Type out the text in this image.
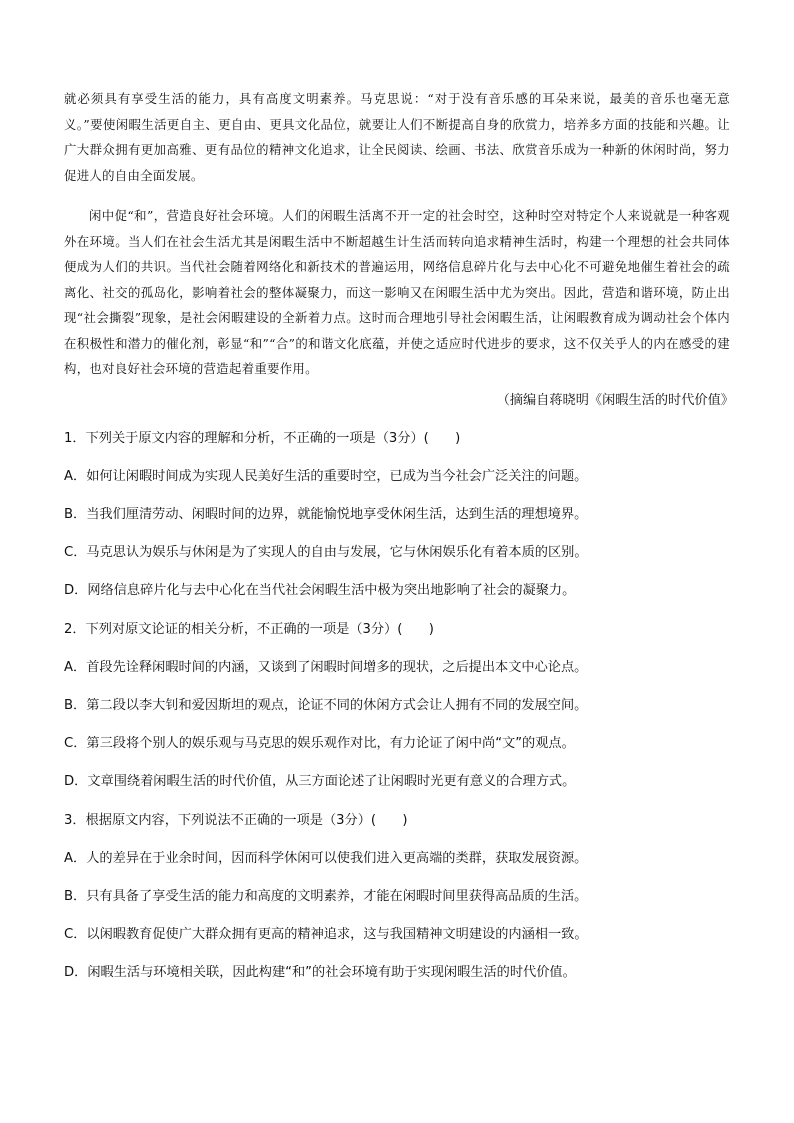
就必须具有享受生活的能力，具有高度文明素养。马克思说：“对于没有音乐感的耳朵来说，最美的音乐也毫无意义。”要使闲暇生活更自主、更自由、更具文化品位，就要让人们不断提高自身的欣赏力，培养多方面的技能和兴趣。让广大群众拥有更加高雅、更有品位的精神文化追求，让全民阅读、绘画、书法、欣赏音乐成为一种新的休闲时尚，努力促进人的自由全面发展。

闲中促“和”，营造良好社会环境。人们的闲暇生活离不开一定的社会时空，这种时空对特定个人来说就是一种客观外在环境。当人们在社会生活尤其是闲暇生活中不断超越生计生活而转向追求精神生活时，构建一个理想的社会共同体便成为人们的共识。当代社会随着网络化和新技术的普遍运用，网络信息碎片化与去中心化不可避免地催生着社会的疏离化、社交的孤岛化，影响着社会的整体凝聚力，而这一影响又在闲暇生活中尤为突出。因此，营造和谐环境，防止出现“社会撕裂”现象，是社会闲暇建设的全新着力点。这时而合理地引导社会闲暇生活，让闲暇教育成为调动社会个体内在积极性和潜力的催化剂，彰显“和”“合”的和谐文化底蕴，并使之适应时代进步的要求，这不仅关乎人的内在感受的建构，也对良好社会环境的营造起着重要作用。

（摘编自蒋晓明《闲暇生活的时代价值》
1．下列关于原文内容的理解和分析，不正确的一项是（3分）(　　)
A．如何让闲暇时间成为实现人民美好生活的重要时空，已成为当今社会广泛关注的问题。
B．当我们厘清劳动、闲暇时间的边界，就能愉悦地享受休闲生活，达到生活的理想境界。
C．马克思认为娱乐与休闲是为了实现人的自由与发展，它与休闲娱乐化有着本质的区别。
D．网络信息碎片化与去中心化在当代社会闲暇生活中极为突出地影响了社会的凝聚力。
2．下列对原文论证的相关分析，不正确的一项是（3分）(　　)
A．首段先诠释闲暇时间的内涵，又谈到了闲暇时间增多的现状，之后提出本文中心论点。
B．第二段以李大钊和爱因斯坦的观点，论证不同的休闲方式会让人拥有不同的发展空间。
C．第三段将个别人的娱乐观与马克思的娱乐观作对比，有力论证了闲中尚“文”的观点。
D．文章围绕着闲暇生活的时代价值，从三方面论述了让闲暇时光更有意义的合理方式。
3．根据原文内容，下列说法不正确的一项是（3分）(　　)
A．人的差异在于业余时间，因而科学休闲可以使我们进入更高端的类群，获取发展资源。
B．只有具备了享受生活的能力和高度的文明素养，才能在闲暇时间里获得高品质的生活。
C．以闲暇教育促使广大群众拥有更高的精神追求，这与我国精神文明建设的内涵相一致。
D．闲暇生活与环境相关联，因此构建“和”的社会环境有助于实现闲暇生活的时代价值。
